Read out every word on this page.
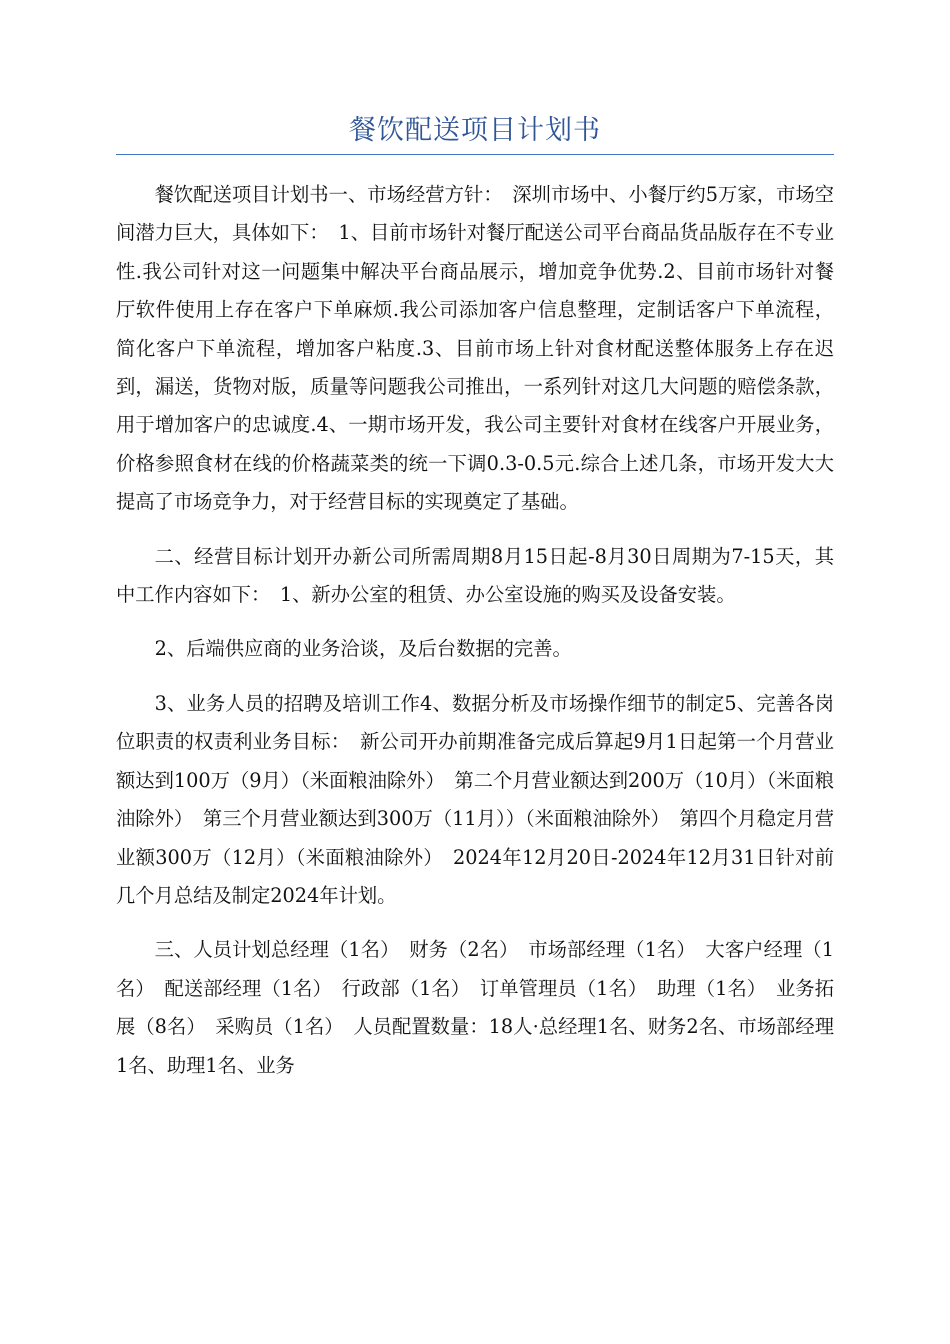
餐饮配送项目计划书

餐饮配送项目计划书一、市场经营方针：　深圳市场中、小餐厅约5万家，市场空间潜力巨大，具体如下：　1、目前市场针对餐厅配送公司平台商品货品版存在不专业性.我公司针对这一问题集中解决平台商品展示，增加竞争优势.2、目前市场针对餐厅软件使用上存在客户下单麻烦.我公司添加客户信息整理，定制话客户下单流程，简化客户下单流程，增加客户粘度.3、目前市场上针对食材配送整体服务上存在迟到，漏送，货物对版，质量等问题我公司推出，一系列针对这几大问题的赔偿条款，用于增加客户的忠诚度.4、一期市场开发，我公司主要针对食材在线客户开展业务，价格参照食材在线的价格蔬菜类的统一下调0.3-0.5元.综合上述几条，市场开发大大提高了市场竞争力，对于经营目标的实现奠定了基础。

二、经营目标计划开办新公司所需周期8月15日起-8月30日周期为7-15天，其中工作内容如下：　1、新办公室的租赁、办公室设施的购买及设备安装。

2、后端供应商的业务洽谈，及后台数据的完善。

3、业务人员的招聘及培训工作4、数据分析及市场操作细节的制定5、完善各岗位职责的权责利业务目标：　新公司开办前期准备完成后算起9月1日起第一个月营业额达到100万（9月）（米面粮油除外）　第二个月营业额达到200万（10月）（米面粮油除外）　第三个月营业额达到300万（11月））（米面粮油除外）　第四个月稳定月营业额300万（12月）（米面粮油除外）　2024年12月20日-2024年12月31日针对前几个月总结及制定2024年计划。

三、人员计划总经理（1名）　财务（2名）　市场部经理（1名）　大客户经理（1名）　配送部经理（1名）　行政部（1名）　订单管理员（1名）　助理（1名）　业务拓展（8名）　采购员（1名）　人员配置数量：18人·总经理1名、财务2名、市场部经理1名、助理1名、业务
